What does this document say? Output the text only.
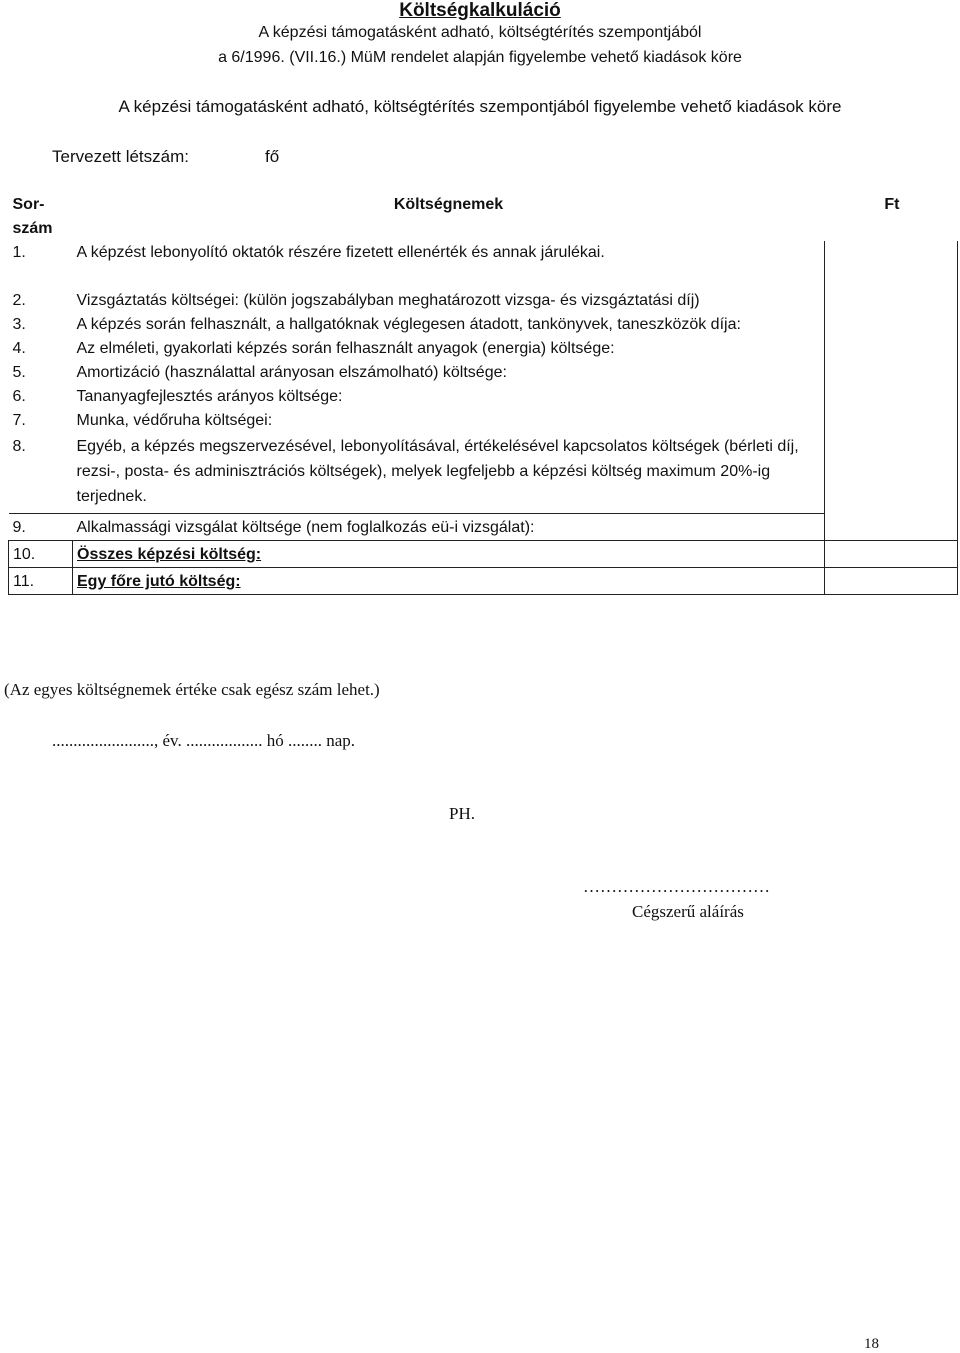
Költségkalkuláció
A képzési támogatásként adható, költségtérítés szempontjából
a 6/1996. (VII.16.) MüM rendelet alapján figyelembe vehető kiadások köre
A képzési támogatásként adható, költségtérítés szempontjából figyelembe vehető kiadások köre
Tervezett létszám:	fő
Sor-
szám	Költségnemek	Ft
1.	A képzést lebonyolító oktatók részére fizetett ellenérték és annak járulékai.	
2.	Vizsgáztatás költségei: (külön jogszabályban meghatározott vizsga- és vizsgáztatási díj)	
3.	A képzés során felhasznált, a hallgatóknak véglegesen átadott, tankönyvek, taneszközök díja:	
4.	Az elméleti, gyakorlati képzés során felhasznált anyagok (energia) költsége:	
5.	Amortizáció (használattal arányosan elszámolható) költsége:	
6.	Tananyagfejlesztés arányos költsége:	
7.	Munka, védőruha költségei:	
8.	Egyéb, a képzés megszervezésével, lebonyolításával, értékelésével kapcsolatos költségek (bérleti díj, rezsi-, posta- és adminisztrációs költségek), melyek legfeljebb a képzési költség maximum 20%-ig terjednek.	
9.	Alkalmassági vizsgálat költsége (nem foglalkozás eü-i vizsgálat):	
10.	Összes képzési költség:	
11.	Egy főre jutó költség:	
(Az egyes költségnemek értéke csak egész szám lehet.)
........................, év. .................. hó ........ nap.
PH.
……………………………
Cégszerű aláírás
18
